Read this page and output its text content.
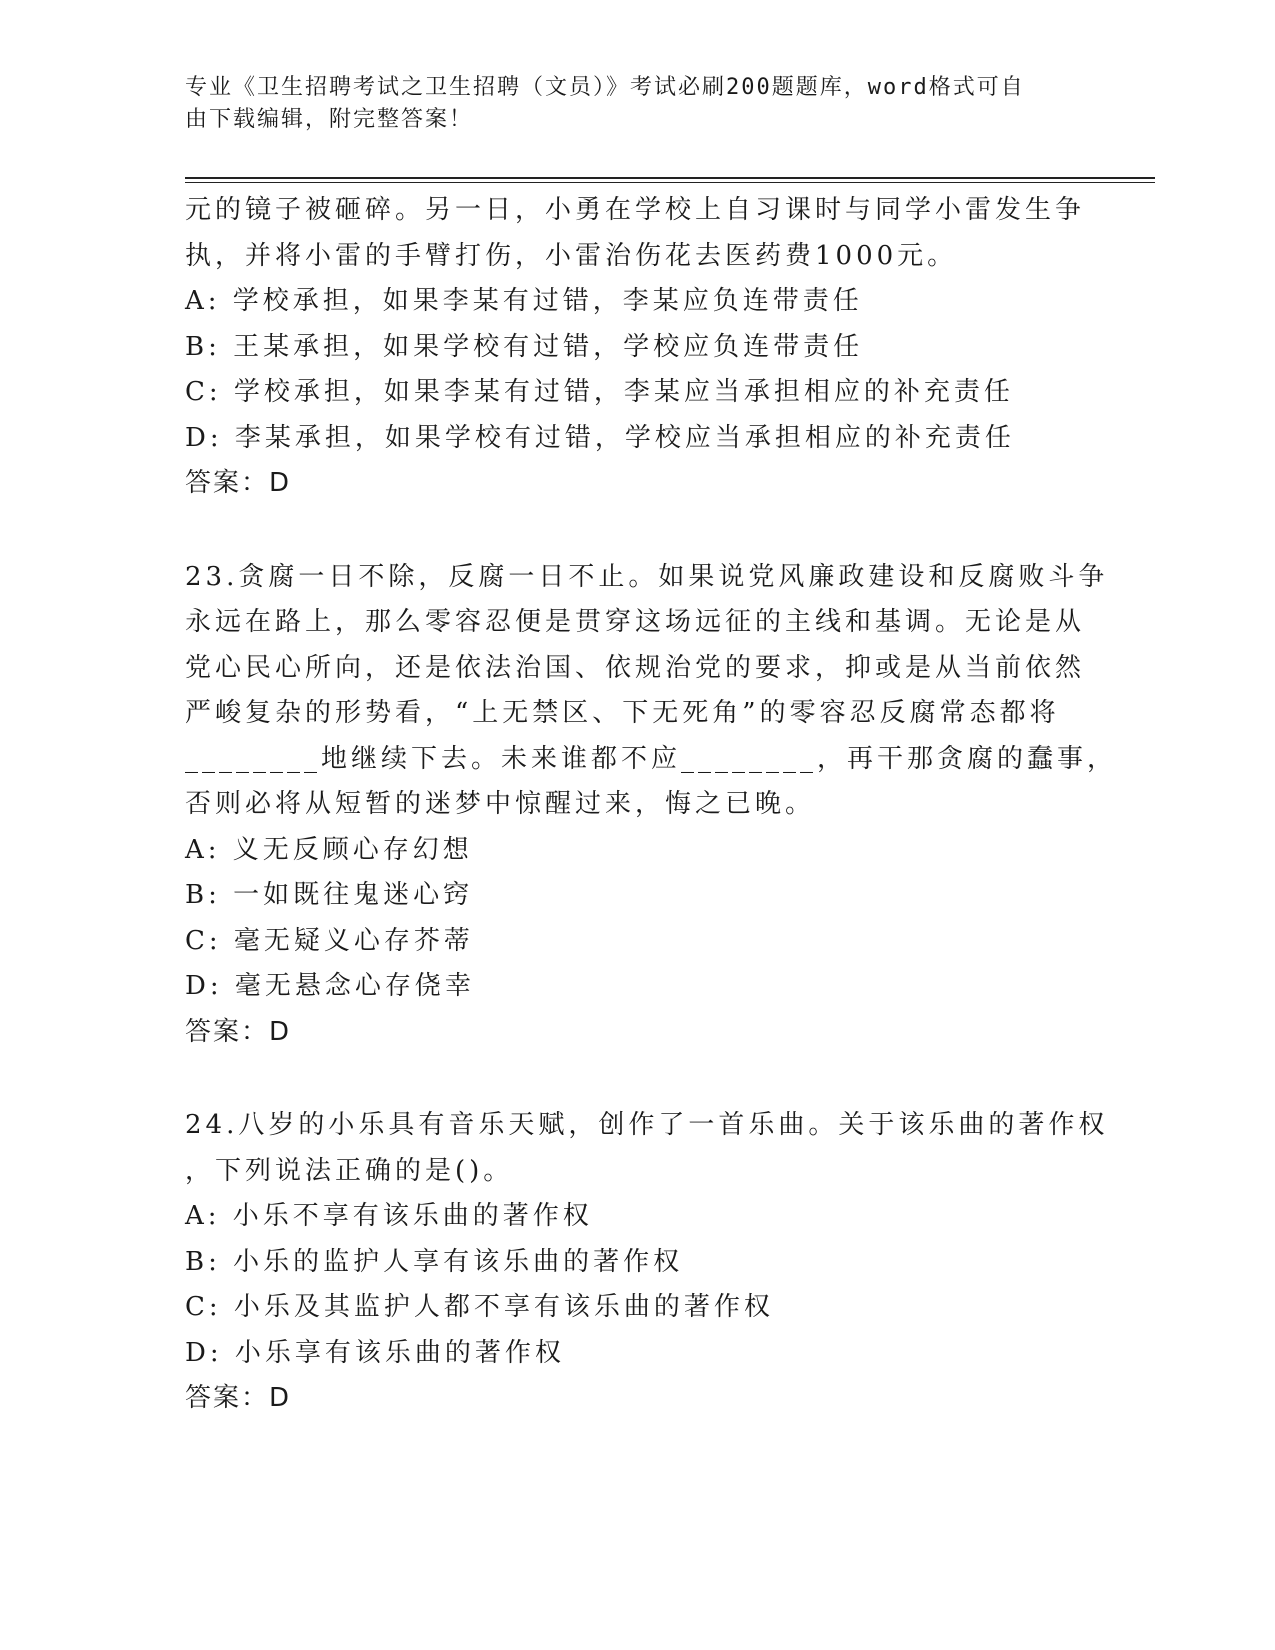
专业《卫生招聘考试之卫生招聘（文员）》考试必刷200题题库，word格式可自
由下载编辑，附完整答案！
元的镜子被砸碎。另一日，小勇在学校上自习课时与同学小雷发生争
执，并将小雷的手臂打伤，小雷治伤花去医药费1000元。
A: 学校承担，如果李某有过错，李某应负连带责任
B: 王某承担，如果学校有过错，学校应负连带责任
C: 学校承担，如果李某有过错，李某应当承担相应的补充责任
D: 李某承担，如果学校有过错，学校应当承担相应的补充责任
答案：D
23.贪腐一日不除，反腐一日不止。如果说党风廉政建设和反腐败斗争
永远在路上，那么零容忍便是贯穿这场远征的主线和基调。无论是从
党心民心所向，还是依法治国、依规治党的要求，抑或是从当前依然
严峻复杂的形势看，“上无禁区、下无死角”的零容忍反腐常态都将
________地继续下去。未来谁都不应________，再干那贪腐的蠢事，
否则必将从短暂的迷梦中惊醒过来，悔之已晚。
A: 义无反顾心存幻想
B: 一如既往鬼迷心窍
C: 毫无疑义心存芥蒂
D: 毫无悬念心存侥幸
答案：D
24.八岁的小乐具有音乐天赋，创作了一首乐曲。关于该乐曲的著作权
，下列说法正确的是()。
A: 小乐不享有该乐曲的著作权
B: 小乐的监护人享有该乐曲的著作权
C: 小乐及其监护人都不享有该乐曲的著作权
D: 小乐享有该乐曲的著作权
答案：D
